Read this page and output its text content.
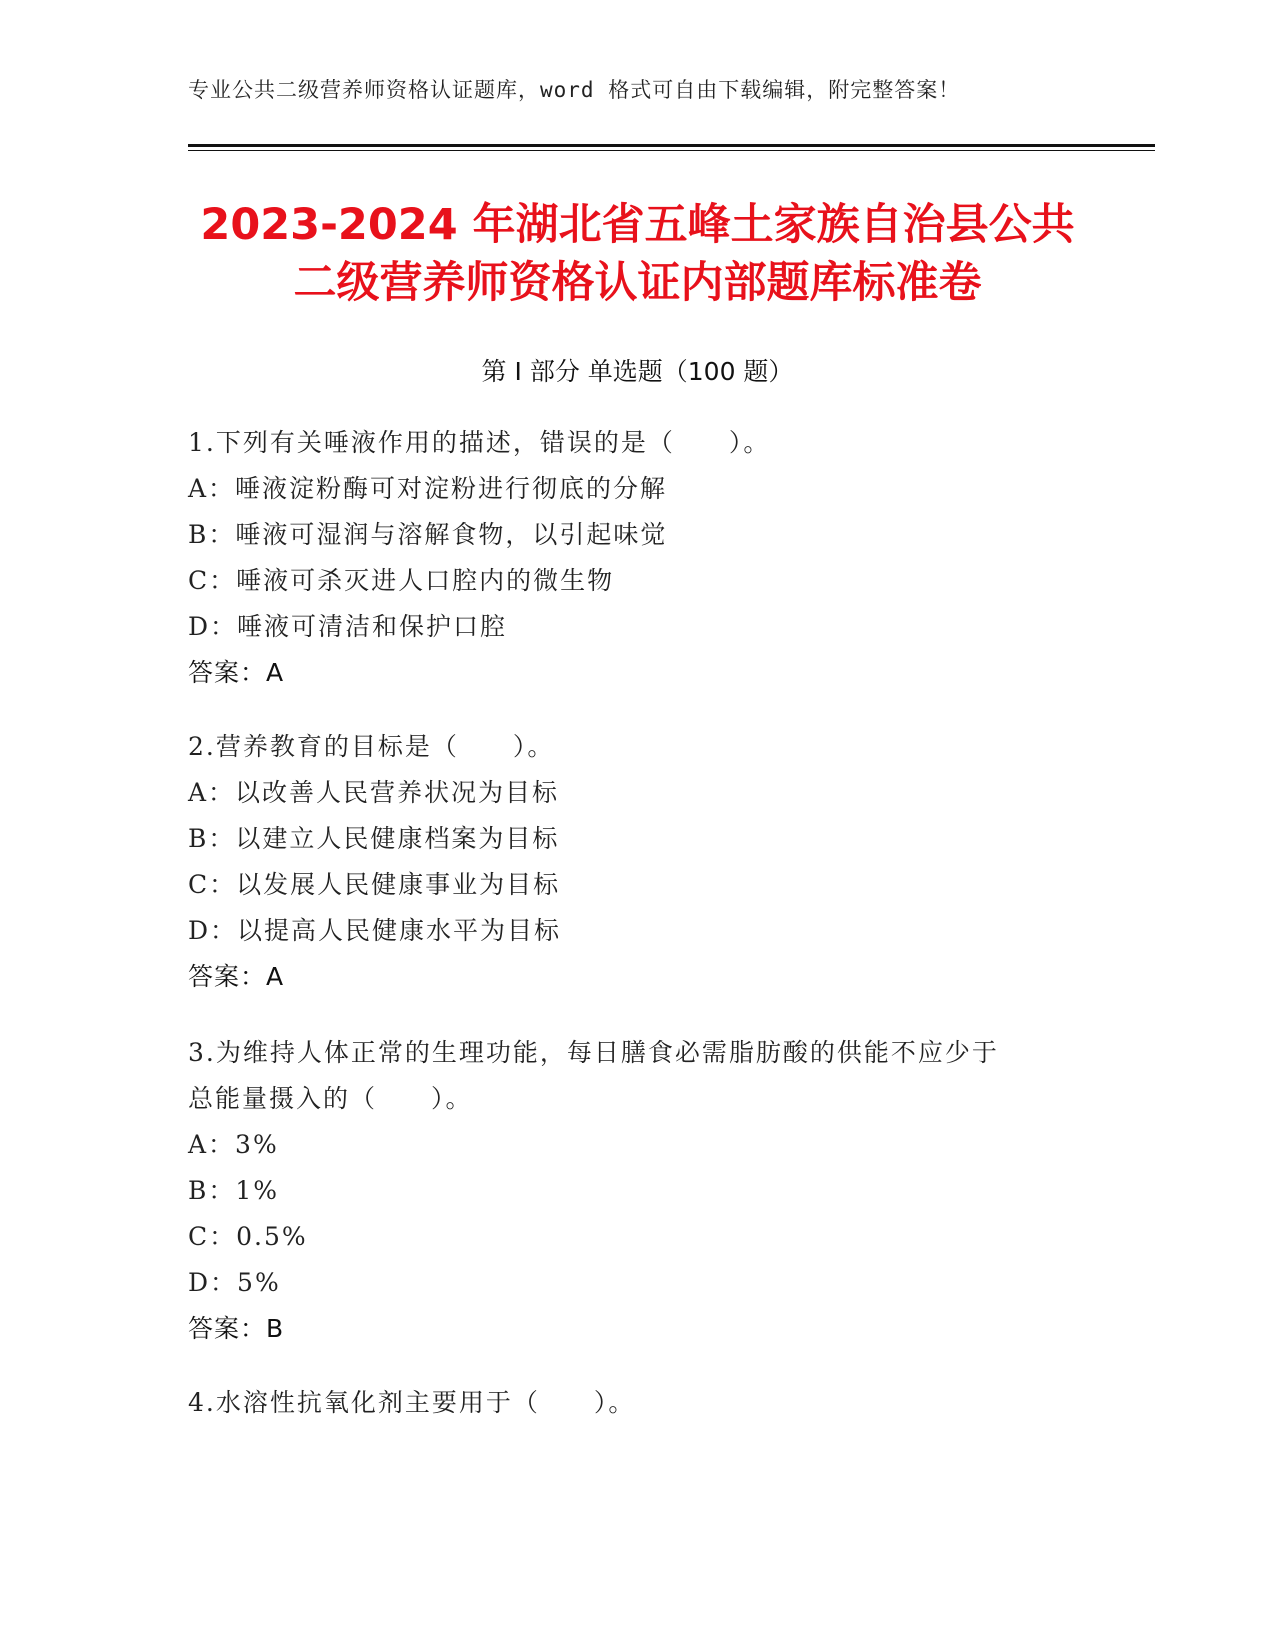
专业公共二级营养师资格认证题库，word 格式可自由下载编辑，附完整答案！
2023-2024 年湖北省五峰土家族自治县公共
二级营养师资格认证内部题库标准卷
第 I 部分 单选题（100 题）
1.下列有关唾液作用的描述，错误的是（　　）。
A：唾液淀粉酶可对淀粉进行彻底的分解
B：唾液可湿润与溶解食物，以引起味觉
C：唾液可杀灭进人口腔内的微生物
D：唾液可清洁和保护口腔
答案：A
2.营养教育的目标是（　　）。
A：以改善人民营养状况为目标
B：以建立人民健康档案为目标
C：以发展人民健康事业为目标
D：以提高人民健康水平为目标
答案：A
3.为维持人体正常的生理功能，每日膳食必需脂肪酸的供能不应少于
总能量摄入的（　　）。
A：3%
B：1%
C：0.5%
D：5%
答案：B
4.水溶性抗氧化剂主要用于（　　）。
